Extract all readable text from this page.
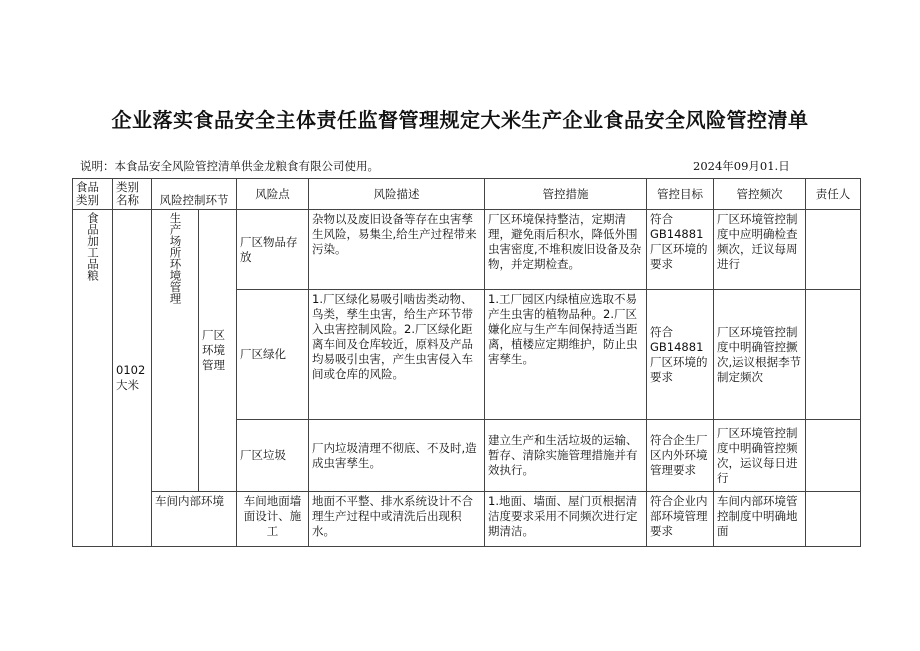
企业落实食品安全主体责任监督管理规定大米生产企业食品安全风险管控清单
说明：本食品安全风险管控清单供金龙粮食有限公司使用。	2024年09月01.日
食品类别	类别名称	风险控制环节		风险点	风险描述	管控措施	管控目标	管控频次	责任人
食品加工品粮	0102大米	生产场所环境管理	厂区环境管理	厂区物品存放	杂物以及废旧设备等存在虫害孳生风险，易集尘,给生产过程带来污染。	厂区环境保持整洁，定期清理，避免雨后积水，降低外围虫害密度,不堆积废旧设备及杂物，并定期检查。	符合GB14881厂区环境的要求	厂区环境管控制度中应明确检查频次，迁议每周进行	
				厂区绿化	1.厂区绿化易吸引啮齿类动物、鸟类，孳生虫害，给生产环节带入虫害控制风险。2.厂区绿化距离车间及仓库较近，原料及产品均易吸引虫害，产生虫害侵入车间或仓库的风险。	1.工厂园区内绿植应选取不易产生虫害的植物品种。2.厂区嫌化应与生产车间保持适当距离，植楼应定期维护，防止虫害孳生。	符合GB14881厂区环境的要求	厂区环境管控制度中明确管控撅次,运议根据李节制定频次	
				厂区垃圾	厂内垃圾清理不彻底、不及时,造成虫害孳生。	建立生产和生活垃圾的运输、暂存、清除实施管理措施并有效执行。	符合企生厂区内外环境管理要求	厂区环境管控制度中明确管控频次，运议每日进行	
		车间内部环境		车间地面墙面设计、施工	地面不平整、排水系统设计不合理生产过程中或清洗后出现积水。	1.地面、墙面、屋门页根据清洁度要求采用不同频次进行定期清洁。	符合企业内部环境管理要求	车间内部环境管控制度中明确地面	
